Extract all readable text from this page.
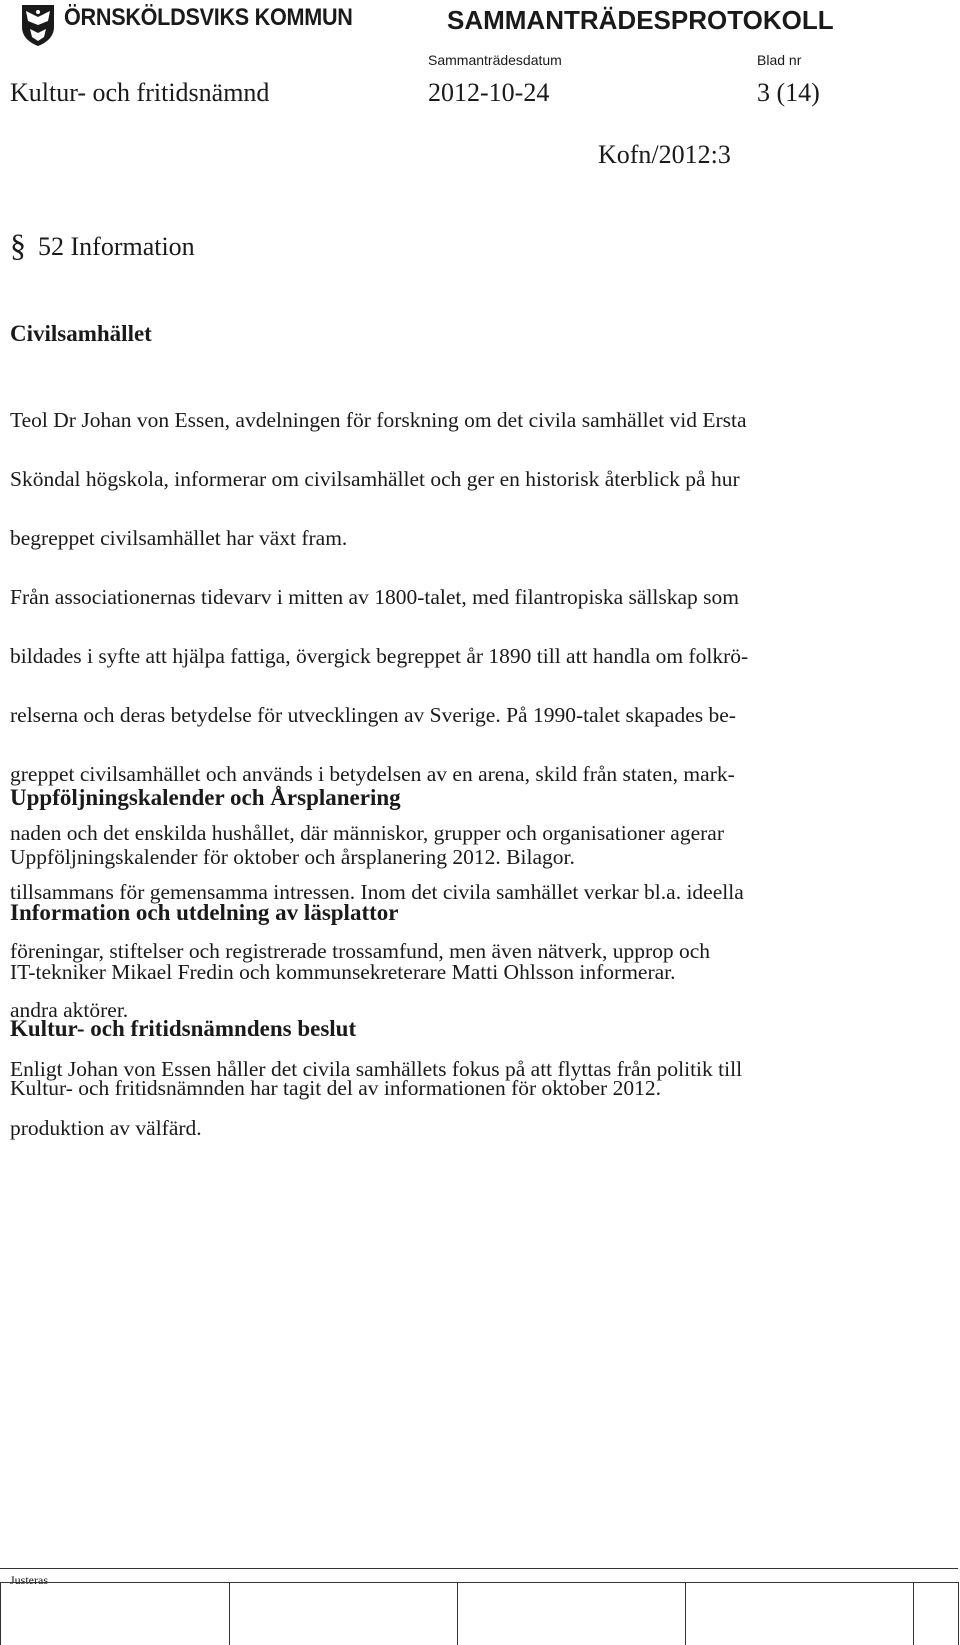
ÖRNSKÖLDSVIKS KOMMUN	SAMMANTRÄDESPROTOKOLL
Sammanträdesdatum	Blad nr
Kultur- och fritidsnämnd	2012-10-24	3 (14)
Kofn/2012:3
§ 52 Information
Civilsamhället

Teol Dr Johan von Essen, avdelningen för forskning om det civila samhället vid Ersta

Sköndal högskola, informerar om civilsamhället och ger en historisk återblick på hur

begreppet civilsamhället har växt fram.

Från associationernas tidevarv i mitten av 1800-talet, med filantropiska sällskap som

bildades i syfte att hjälpa fattiga, övergick begreppet år 1890 till att handla om folkrö-

relserna och deras betydelse för utvecklingen av Sverige. På 1990-talet skapades be-

greppet civilsamhället och används i betydelsen av en arena, skild från staten, mark-

naden och det enskilda hushållet, där människor, grupper och organisationer agerar

tillsammans för gemensamma intressen. Inom det civila samhället verkar bl.a. ideella

föreningar, stiftelser och registrerade trossamfund, men även nätverk, upprop och

andra aktörer.

Enligt Johan von Essen håller det civila samhällets fokus på att flyttas från politik till

produktion av välfärd.

Uppföljningskalender och Årsplanering
Uppföljningskalender för oktober och årsplanering 2012. Bilagor.
Information och utdelning av läsplattor
IT-tekniker Mikael Fredin och kommunsekreterare Matti Ohlsson informerar.
Kultur- och fritidsnämndens beslut
Kultur- och fritidsnämnden har tagit del av informationen för oktober 2012.
Justeras
